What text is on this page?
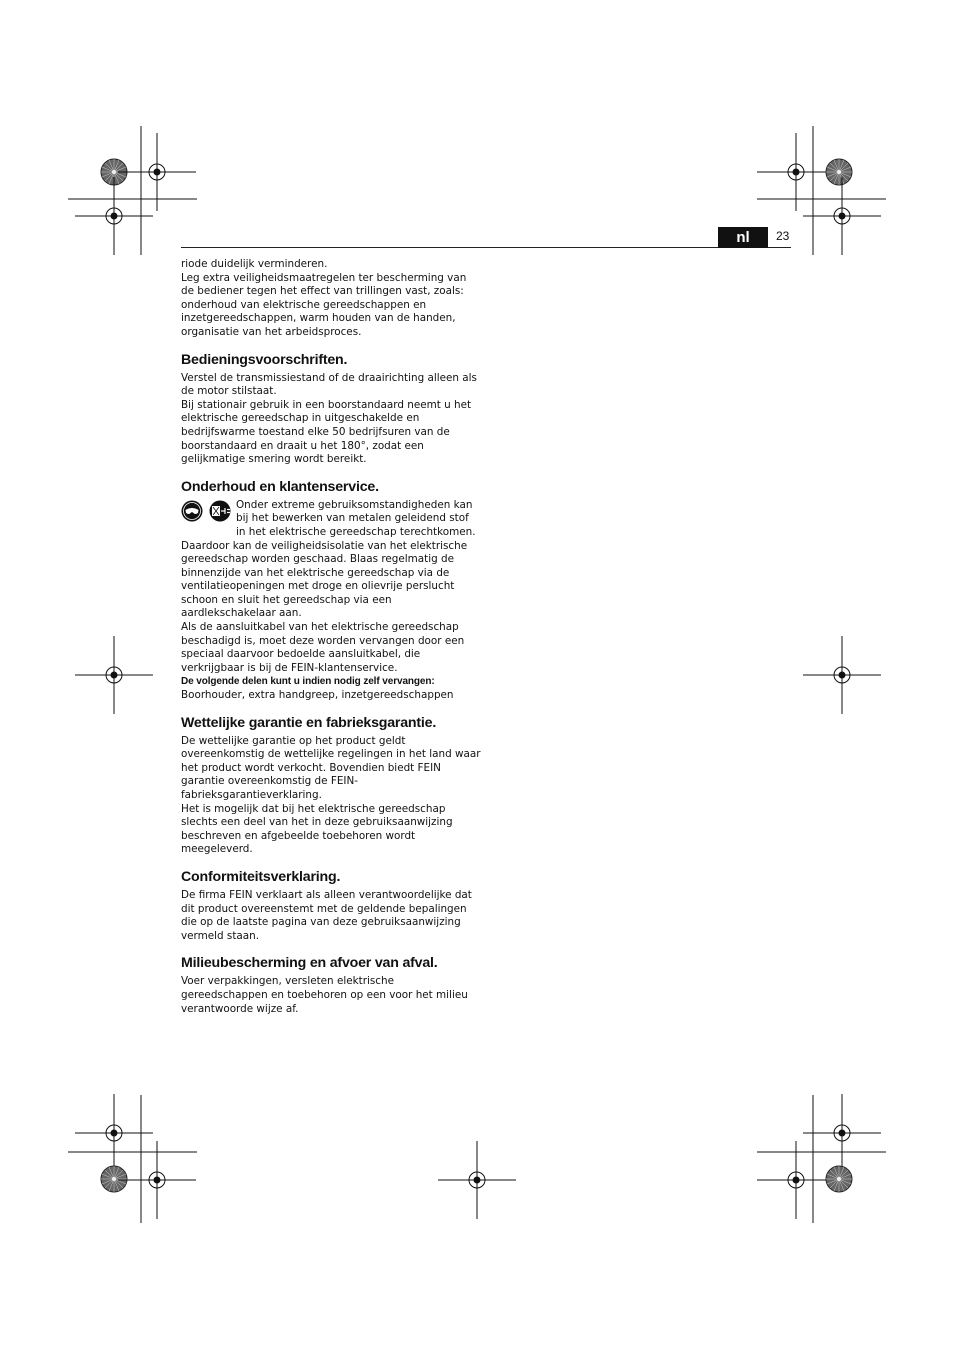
nl	23

riode duidelijk verminderen.

Leg extra veiligheidsmaatregelen ter bescherming van de bediener tegen het effect van trillingen vast, zoals: onderhoud van elektrische gereedschappen en inzetgereedschappen, warm houden van de handen, organisatie van het arbeidsproces.

Bedieningsvoorschriften.

Verstel de transmissiestand of de draairichting alleen als de motor stilstaat.

Bij stationair gebruik in een boorstandaard neemt u het elektrische gereedschap in uitgeschakelde en bedrijfswarme toestand elke 50 bedrijfsuren van de boorstandaard en draait u het 180°, zodat een gelijkmatige smering wordt bereikt.

Onderhoud en klantenservice.

Onder extreme gebruiksomstandigheden kan bij het bewerken van metalen geleidend stof in het elektrische gereedschap terechtkomen.

Daardoor kan de veiligheidsisolatie van het elektrische gereedschap worden geschaad. Blaas regelmatig de binnenzijde van het elektrische gereedschap via de ventilatieopeningen met droge en olievrije perslucht schoon en sluit het gereedschap via een aardlekschakelaar aan.

Als de aansluitkabel van het elektrische gereedschap beschadigd is, moet deze worden vervangen door een speciaal daarvoor bedoelde aansluitkabel, die verkrijgbaar is bij de FEIN-klantenservice.

De volgende delen kunt u indien nodig zelf vervangen:

Boorhouder, extra handgreep, inzetgereedschappen

Wettelijke garantie en fabrieksgarantie.

De wettelijke garantie op het product geldt overeenkomstig de wettelijke regelingen in het land waar het product wordt verkocht. Bovendien biedt FEIN garantie overeenkomstig de FEIN-fabrieksgarantieverklaring.

Het is mogelijk dat bij het elektrische gereedschap slechts een deel van het in deze gebruiksaanwijzing beschreven en afgebeelde toebehoren wordt meegeleverd.

Conformiteitsverklaring.

De firma FEIN verklaart als alleen verantwoordelijke dat dit product overeenstemt met de geldende bepalingen die op de laatste pagina van deze gebruiksaanwijzing vermeld staan.

Milieubescherming en afvoer van afval.

Voer verpakkingen, versleten elektrische gereedschappen en toebehoren op een voor het milieu verantwoorde wijze af.
